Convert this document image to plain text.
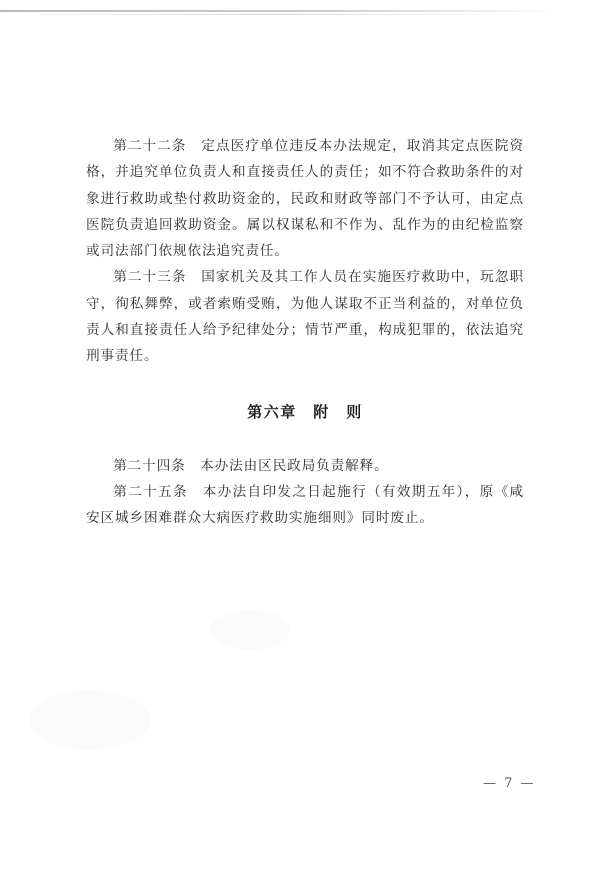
第二十二条　定点医疗单位违反本办法规定，取消其定点医院资格，并追究单位负责人和直接责任人的责任；如不符合救助条件的对象进行救助或垫付救助资金的，民政和财政等部门不予认可，由定点医院负责追回救助资金。属以权谋私和不作为、乱作为的由纪检监察或司法部门依规依法追究责任。

第二十三条　国家机关及其工作人员在实施医疗救助中，玩忽职守，徇私舞弊，或者索贿受贿，为他人谋取不正当利益的，对单位负责人和直接责任人给予纪律处分；情节严重，构成犯罪的，依法追究刑事责任。

第六章　附　则

第二十四条　本办法由区民政局负责解释。

第二十五条　本办法自印发之日起施行（有效期五年），原《咸安区城乡困难群众大病医疗救助实施细则》同时废止。

— 7 —
